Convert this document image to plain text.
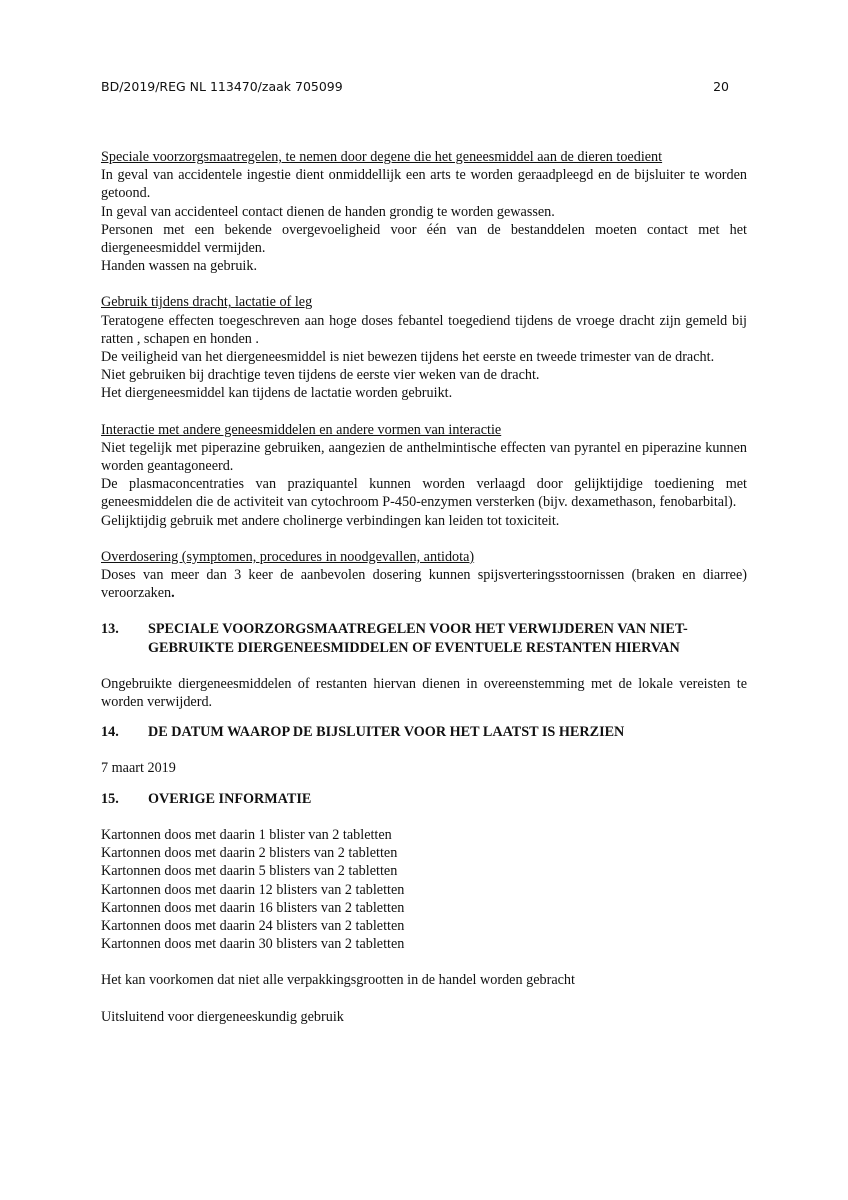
BD/2019/REG NL 113470/zaak 705099	20

Speciale voorzorgsmaatregelen, te nemen door degene die het geneesmiddel aan de dieren toedient

In geval van accidentele ingestie dient onmiddellijk een arts te worden geraadpleegd en de bijsluiter te worden getoond.

In geval van accidenteel contact dienen de handen grondig te worden gewassen.

Personen met een bekende overgevoeligheid voor één van de bestanddelen moeten contact met het diergeneesmiddel vermijden.

Handen wassen na gebruik.

Gebruik tijdens dracht, lactatie of leg

Teratogene effecten toegeschreven aan hoge doses febantel toegediend tijdens de vroege dracht zijn gemeld bij ratten , schapen en honden .

De veiligheid van het diergeneesmiddel is niet bewezen tijdens het eerste en tweede trimester van de dracht.

Niet gebruiken bij drachtige teven tijdens de eerste vier weken van de dracht.

Het diergeneesmiddel kan tijdens de lactatie worden gebruikt.

Interactie met andere geneesmiddelen en andere vormen van interactie

Niet tegelijk met piperazine gebruiken, aangezien de anthelmintische effecten van pyrantel en piperazine kunnen worden geantagoneerd.

De plasmaconcentraties van praziquantel kunnen worden verlaagd door gelijktijdige toediening met geneesmiddelen die de activiteit van cytochroom P-450-enzymen versterken (bijv. dexamethason, fenobarbital).

Gelijktijdig gebruik met andere cholinerge verbindingen kan leiden tot toxiciteit.

Overdosering (symptomen, procedures in noodgevallen, antidota)

Doses van meer dan 3 keer de aanbevolen dosering kunnen spijsverteringsstoornissen (braken en diarree) veroorzaken.

13.	SPECIALE VOORZORGSMAATREGELEN VOOR HET VERWIJDEREN VAN NIET-GEBRUIKTE DIERGENEESMIDDELEN OF EVENTUELE RESTANTEN HIERVAN

Ongebruikte diergeneesmiddelen of restanten hiervan dienen in overeenstemming met de lokale vereisten te worden verwijderd.

14.	DE DATUM WAAROP DE BIJSLUITER VOOR HET LAATST IS HERZIEN

7 maart 2019

15.	OVERIGE INFORMATIE

Kartonnen doos met daarin 1 blister van 2 tabletten

Kartonnen doos met daarin 2 blisters van 2 tabletten

Kartonnen doos met daarin 5 blisters van 2 tabletten

Kartonnen doos met daarin 12 blisters van 2 tabletten

Kartonnen doos met daarin 16 blisters van 2 tabletten

Kartonnen doos met daarin 24 blisters van 2 tabletten

Kartonnen doos met daarin 30 blisters van 2 tabletten

Het kan voorkomen dat niet alle verpakkingsgrootten in de handel worden gebracht

Uitsluitend voor diergeneeskundig gebruik
